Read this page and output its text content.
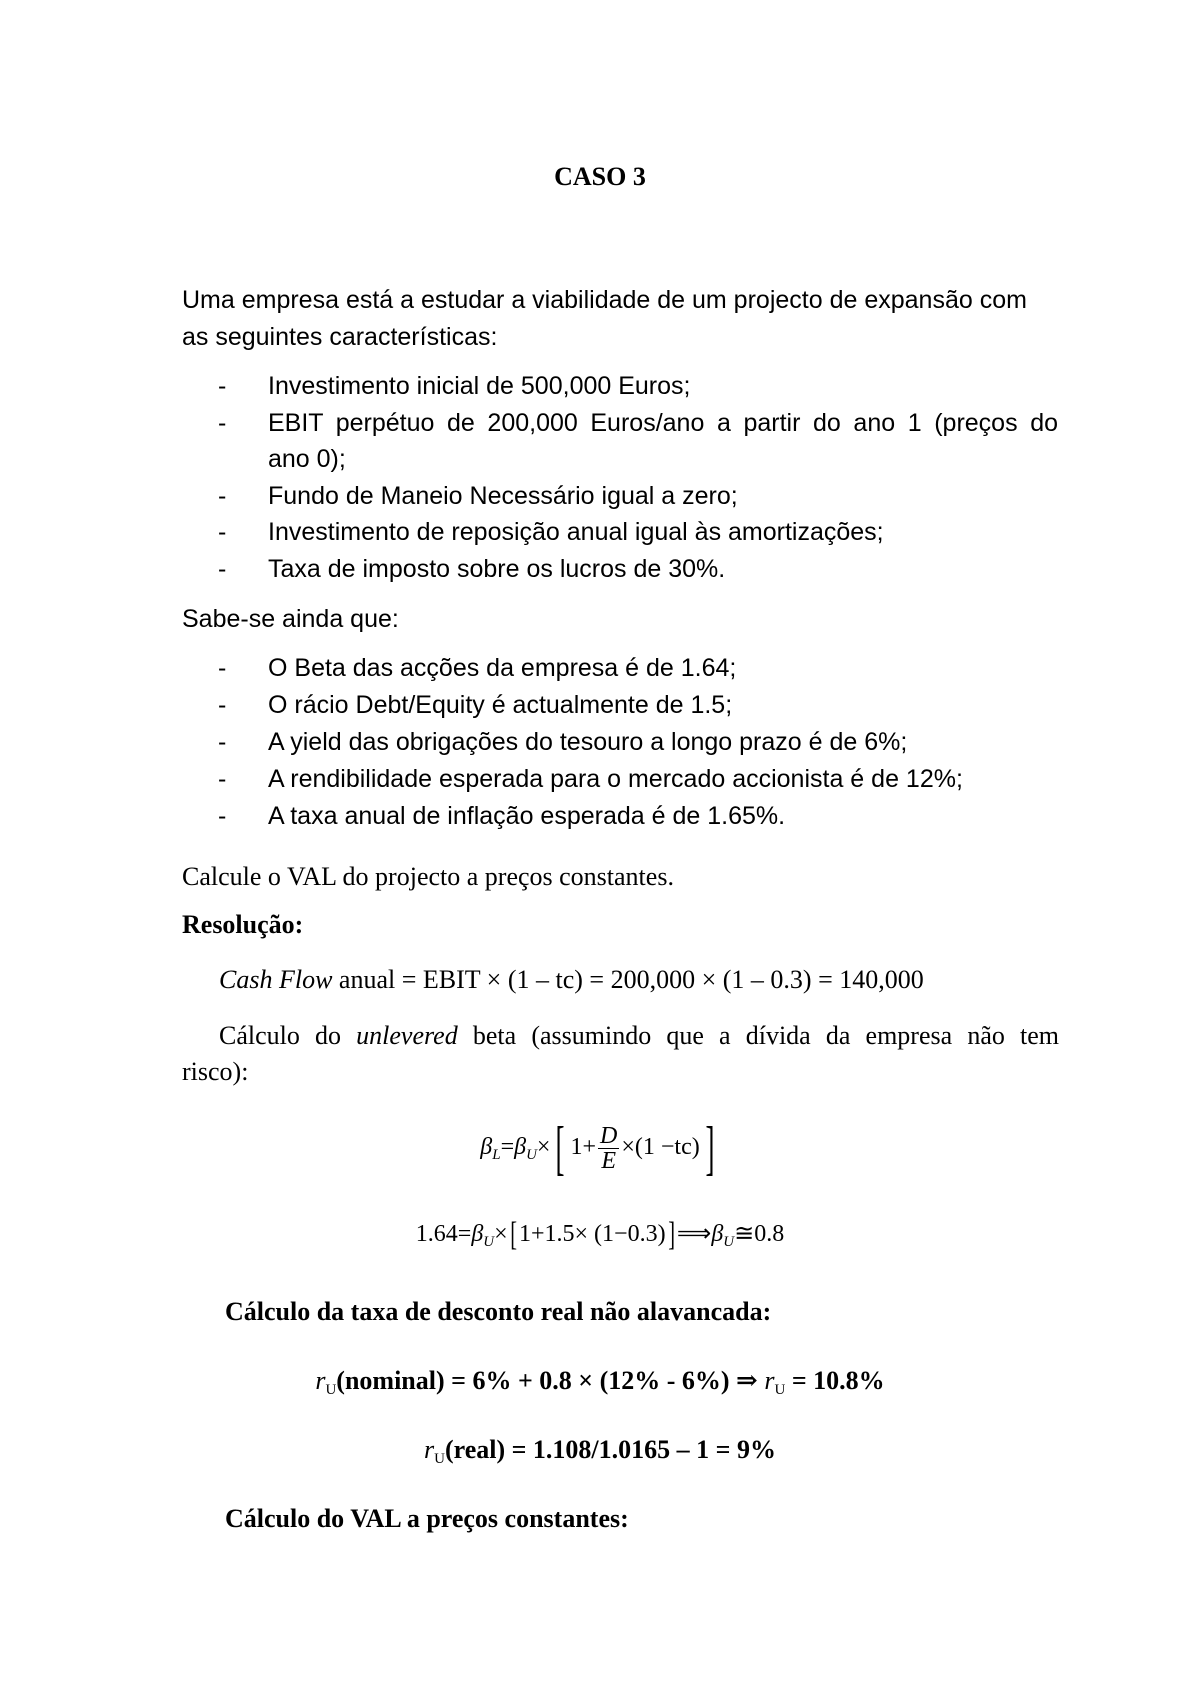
CASO 3
Uma empresa está a estudar a viabilidade de um projecto de expansão com
as seguintes características:
- Investimento inicial de 500,000 Euros;
- EBIT perpétuo de 200,000 Euros/ano a partir do ano 1 (preços do
ano 0);
- Fundo de Maneio Necessário igual a zero;
- Investimento de reposição anual igual às amortizações;
- Taxa de imposto sobre os lucros de 30%.
Sabe-se ainda que:
- O Beta das acções da empresa é de 1.64;
- O rácio Debt/Equity é actualmente de 1.5;
- A yield das obrigações do tesouro a longo prazo é de 6%;
- A rendibilidade esperada para o mercado accionista é de 12%;
- A taxa anual de inflação esperada é de 1.65%.
Calcule o VAL do projecto a preços constantes.
Resolução:
Cash Flow anual = EBIT × (1 – tc) = 200,000 × (1 – 0.3) = 140,000
Cálculo do unlevered beta (assumindo que a dívida da empresa não tem
risco):
$\beta_L=\beta_U\times$[ $1+ \frac{D}{E} \times(1 -tc)$]
$1.64=\beta_U\times[1+1.5\times$ $(1-0.3)]⟹\beta_U≅0.8$
Cálculo da taxa de desconto real não alavancada:
$r_U(nominal) = 6\% + 0.8 \times (12\% - 6\%)$ ⇒ $r_U = 10.8\%$
$r_U(real) = 1.108/1.0165 - 1 = 9\%$
Cálculo do VAL a preços constantes:
